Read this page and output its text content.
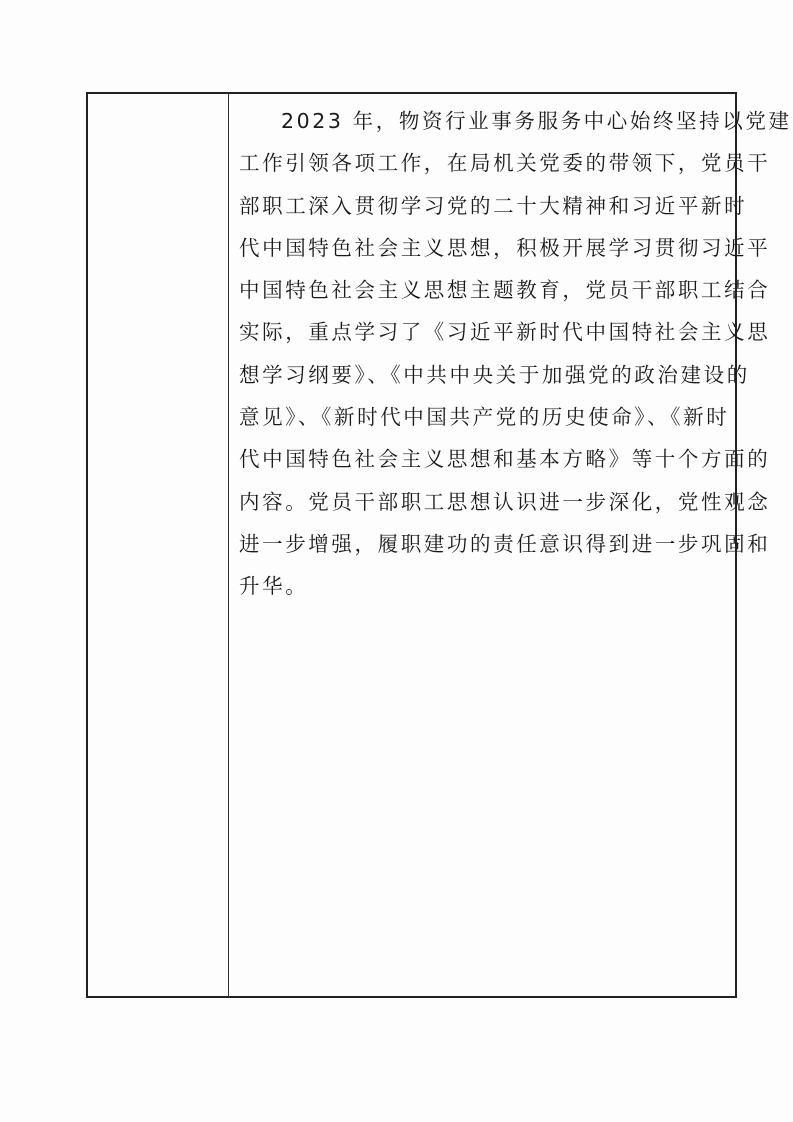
2023 年，物资行业事务服务中心始终坚持以党建
工作引领各项工作，在局机关党委的带领下，党员干
部职工深入贯彻学习党的二十大精神和习近平新时
代中国特色社会主义思想，积极开展学习贯彻习近平
中国特色社会主义思想主题教育，党员干部职工结合
实际，重点学习了《习近平新时代中国特社会主义思
想学习纲要》、《中共中央关于加强党的政治建设的
意见》、《新时代中国共产党的历史使命》、《新时
代中国特色社会主义思想和基本方略》等十个方面的
内容。党员干部职工思想认识进一步深化，党性观念
进一步增强，履职建功的责任意识得到进一步巩固和
升华。
